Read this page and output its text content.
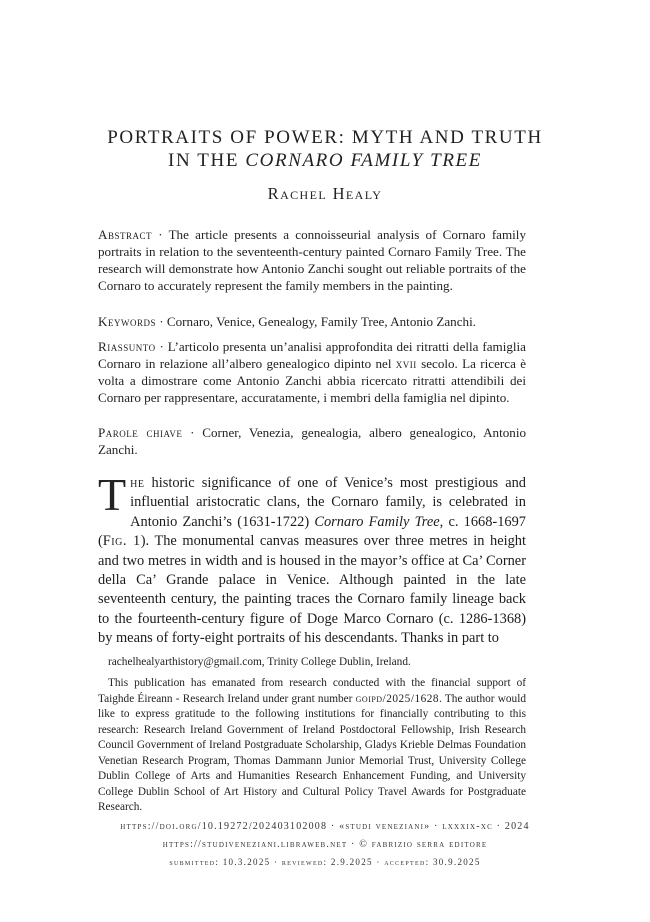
PORTRAITS OF POWER: MYTH AND TRUTH
IN THE CORNARO FAMILY TREE
Rachel Healy
Abstract · The article presents a connoisseurial analysis of Cornaro family portraits in relation to the seventeenth-century painted Cornaro Family Tree. The research will demonstrate how Antonio Zanchi sought out reliable portraits of the Cornaro to accurately represent the family members in the painting.
Keywords · Cornaro, Venice, Genealogy, Family Tree, Antonio Zanchi.
Riassunto · L’articolo presenta un’analisi approfondita dei ritratti della famiglia Cornaro in relazione all’albero genealogico dipinto nel xvii secolo. La ricerca è volta a dimostrare come Antonio Zanchi abbia ricercato ritratti attendibili dei Cornaro per rappresentare, accuratamente, i membri della famiglia nel dipinto.
Parole chiave · Corner, Venezia, genealogia, albero genealogico, Antonio Zanchi.
The historic significance of one of Venice’s most prestigious and influential aristocratic clans, the Cornaro family, is celebrated in Antonio Zanchi’s (1631-1722) Cornaro Family Tree, c. 1668-1697 (Fig. 1). The monumental canvas measures over three metres in height and two metres in width and is housed in the mayor’s office at Ca’ Corner della Ca’ Grande palace in Venice. Although painted in the late seventeenth century, the painting traces the Cornaro family lineage back to the fourteenth-century figure of Doge Marco Cornaro (c. 1286-1368) by means of forty-eight portraits of his descendants. Thanks in part to
rachelhealyarthistory@gmail.com, Trinity College Dublin, Ireland.
This publication has emanated from research conducted with the financial support of Taighde Éireann - Research Ireland under grant number goipd/2025/1628. The author would like to express gratitude to the following institutions for financially contributing to this research: Research Ireland Government of Ireland Postdoctoral Fellowship, Irish Research Council Government of Ireland Postgraduate Scholarship, Gladys Krieble Delmas Foundation Venetian Research Program, Thomas Dammann Junior Memorial Trust, University College Dublin College of Arts and Humanities Research Enhancement Funding, and University College Dublin School of Art History and Cultural Policy Travel Awards for Postgraduate Research.
https://doi.org/10.19272/202403102008 · «studi veneziani» · lxxxix-xc · 2024
https://studiveneziani.libraweb.net · © fabrizio serra editore
submitted: 10.3.2025 · reviewed: 2.9.2025 · accepted: 30.9.2025
